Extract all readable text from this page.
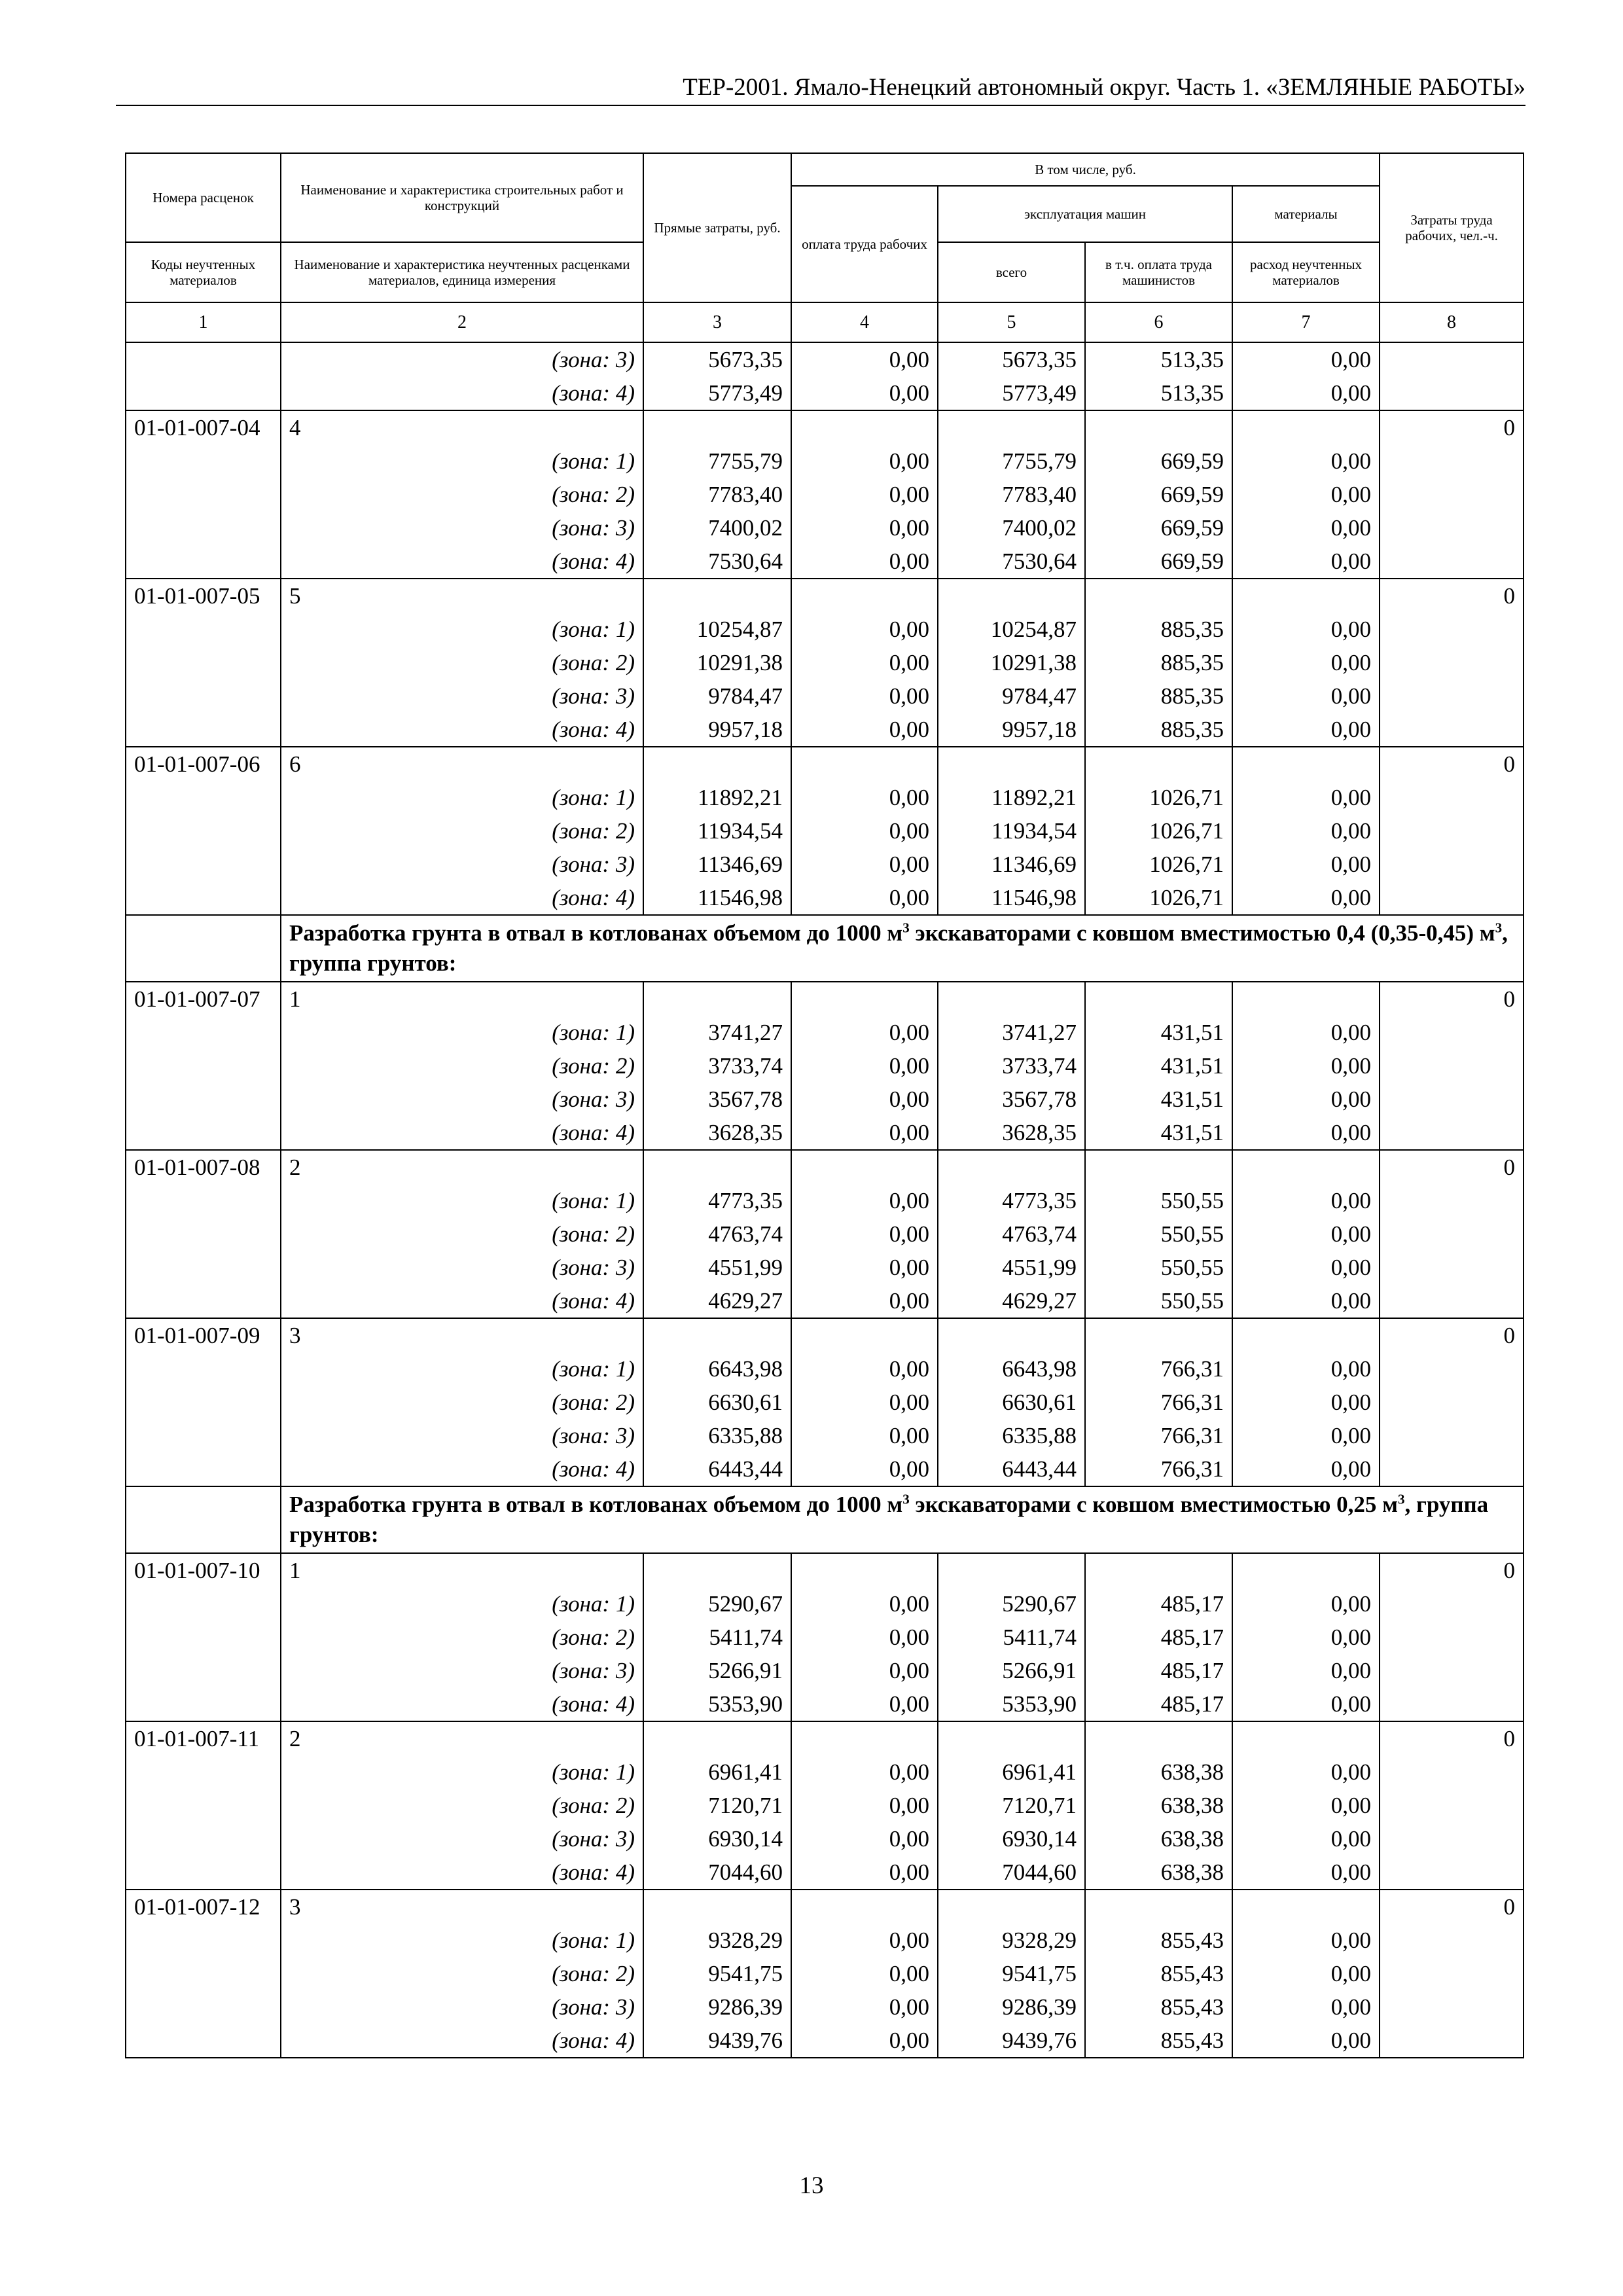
ТЕР-2001. Ямало-Ненецкий автономный округ. Часть 1. «ЗЕМЛЯНЫЕ РАБОТЫ»
Номера расценок	Наименование и характеристика строительных работ и конструкций	Прямые затраты, руб.	В том числе, руб.				Затраты труда рабочих, чел.-ч.
			оплата труда рабочих	эксплуатация машин		материалы	
Коды неучтенных материалов	Наименование и характеристика неучтенных расценками материалов, единица измерения			всего	в т.ч. оплата труда машинистов	расход неучтенных материалов	
1	2	3	4	5	6	7	8
	(зона: 3)	5673,35	0,00	5673,35	513,35	0,00	
	(зона: 4)	5773,49	0,00	5773,49	513,35	0,00	
01-01-007-04	4						0
	(зона: 1)	7755,79	0,00	7755,79	669,59	0,00	
	(зона: 2)	7783,40	0,00	7783,40	669,59	0,00	
	(зона: 3)	7400,02	0,00	7400,02	669,59	0,00	
	(зона: 4)	7530,64	0,00	7530,64	669,59	0,00	
01-01-007-05	5						0
	(зона: 1)	10254,87	0,00	10254,87	885,35	0,00	
	(зона: 2)	10291,38	0,00	10291,38	885,35	0,00	
	(зона: 3)	9784,47	0,00	9784,47	885,35	0,00	
	(зона: 4)	9957,18	0,00	9957,18	885,35	0,00	
01-01-007-06	6						0
	(зона: 1)	11892,21	0,00	11892,21	1026,71	0,00	
	(зона: 2)	11934,54	0,00	11934,54	1026,71	0,00	
	(зона: 3)	11346,69	0,00	11346,69	1026,71	0,00	
	(зона: 4)	11546,98	0,00	11546,98	1026,71	0,00	
	Разработка грунта в отвал в котлованах объемом до 1000 $м^3$ экскаваторами с ковшом вместимостью 0,4 (0,35-0,45) $м^3$, группа грунтов:						
01-01-007-07	1						0
	(зона: 1)	3741,27	0,00	3741,27	431,51	0,00	
	(зона: 2)	3733,74	0,00	3733,74	431,51	0,00	
	(зона: 3)	3567,78	0,00	3567,78	431,51	0,00	
	(зона: 4)	3628,35	0,00	3628,35	431,51	0,00	
01-01-007-08	2						0
	(зона: 1)	4773,35	0,00	4773,35	550,55	0,00	
	(зона: 2)	4763,74	0,00	4763,74	550,55	0,00	
	(зона: 3)	4551,99	0,00	4551,99	550,55	0,00	
	(зона: 4)	4629,27	0,00	4629,27	550,55	0,00	
01-01-007-09	3						0
	(зона: 1)	6643,98	0,00	6643,98	766,31	0,00	
	(зона: 2)	6630,61	0,00	6630,61	766,31	0,00	
	(зона: 3)	6335,88	0,00	6335,88	766,31	0,00	
	(зона: 4)	6443,44	0,00	6443,44	766,31	0,00	
	Разработка грунта в отвал в котлованах объемом до 1000 $м^3$ экскаваторами с ковшом вместимостью 0,25 $м^3$, группа грунтов:						
01-01-007-10	1						0
	(зона: 1)	5290,67	0,00	5290,67	485,17	0,00	
	(зона: 2)	5411,74	0,00	5411,74	485,17	0,00	
	(зона: 3)	5266,91	0,00	5266,91	485,17	0,00	
	(зона: 4)	5353,90	0,00	5353,90	485,17	0,00	
01-01-007-11	2						0
	(зона: 1)	6961,41	0,00	6961,41	638,38	0,00	
	(зона: 2)	7120,71	0,00	7120,71	638,38	0,00	
	(зона: 3)	6930,14	0,00	6930,14	638,38	0,00	
	(зона: 4)	7044,60	0,00	7044,60	638,38	0,00	
01-01-007-12	3						0
	(зона: 1)	9328,29	0,00	9328,29	855,43	0,00	
	(зона: 2)	9541,75	0,00	9541,75	855,43	0,00	
	(зона: 3)	9286,39	0,00	9286,39	855,43	0,00	
	(зона: 4)	9439,76	0,00	9439,76	855,43	0,00	
13
